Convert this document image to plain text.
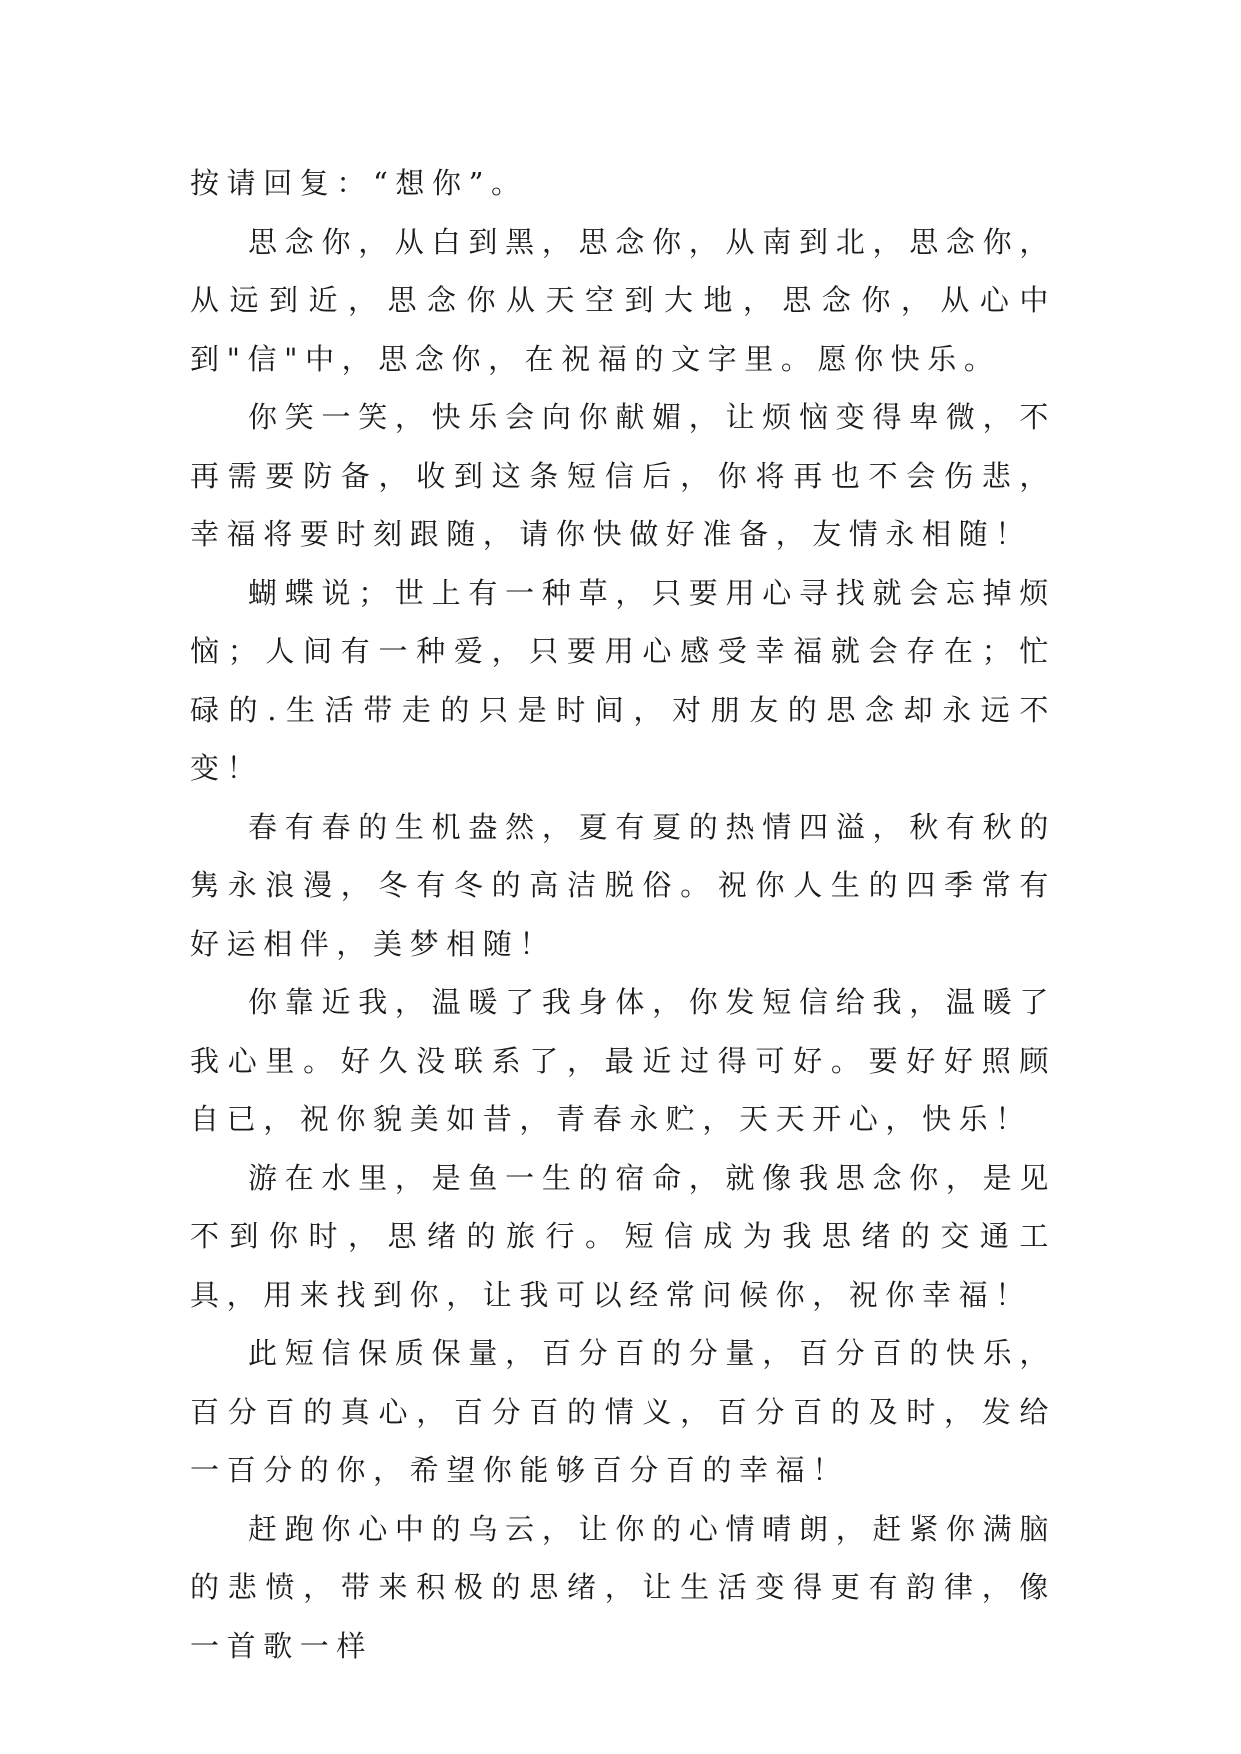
按请回复：“想你”。

思念你，从白到黑，思念你，从南到北，思念你，从远到近，思念你从天空到大地，思念你，从心中到"信"中，思念你，在祝福的文字里。愿你快乐。

你笑一笑，快乐会向你献媚，让烦恼变得卑微，不再需要防备，收到这条短信后，你将再也不会伤悲，幸福将要时刻跟随，请你快做好准备，友情永相随！

蝴蝶说；世上有一种草，只要用心寻找就会忘掉烦恼；人间有一种爱，只要用心感受幸福就会存在；忙碌的.生活带走的只是时间，对朋友的思念却永远不变！

春有春的生机盎然，夏有夏的热情四溢，秋有秋的隽永浪漫，冬有冬的高洁脱俗。祝你人生的四季常有好运相伴，美梦相随！

你靠近我，温暖了我身体，你发短信给我，温暖了我心里。好久没联系了，最近过得可好。要好好照顾自已，祝你貌美如昔，青春永贮，天天开心，快乐！

游在水里，是鱼一生的宿命，就像我思念你，是见不到你时，思绪的旅行。短信成为我思绪的交通工具，用来找到你，让我可以经常问候你，祝你幸福！

此短信保质保量，百分百的分量，百分百的快乐，百分百的真心，百分百的情义，百分百的及时，发给一百分的你，希望你能够百分百的幸福！

赶跑你心中的乌云，让你的心情晴朗，赶紧你满脑的悲愤，带来积极的思绪，让生活变得更有韵律，像一首歌一样
